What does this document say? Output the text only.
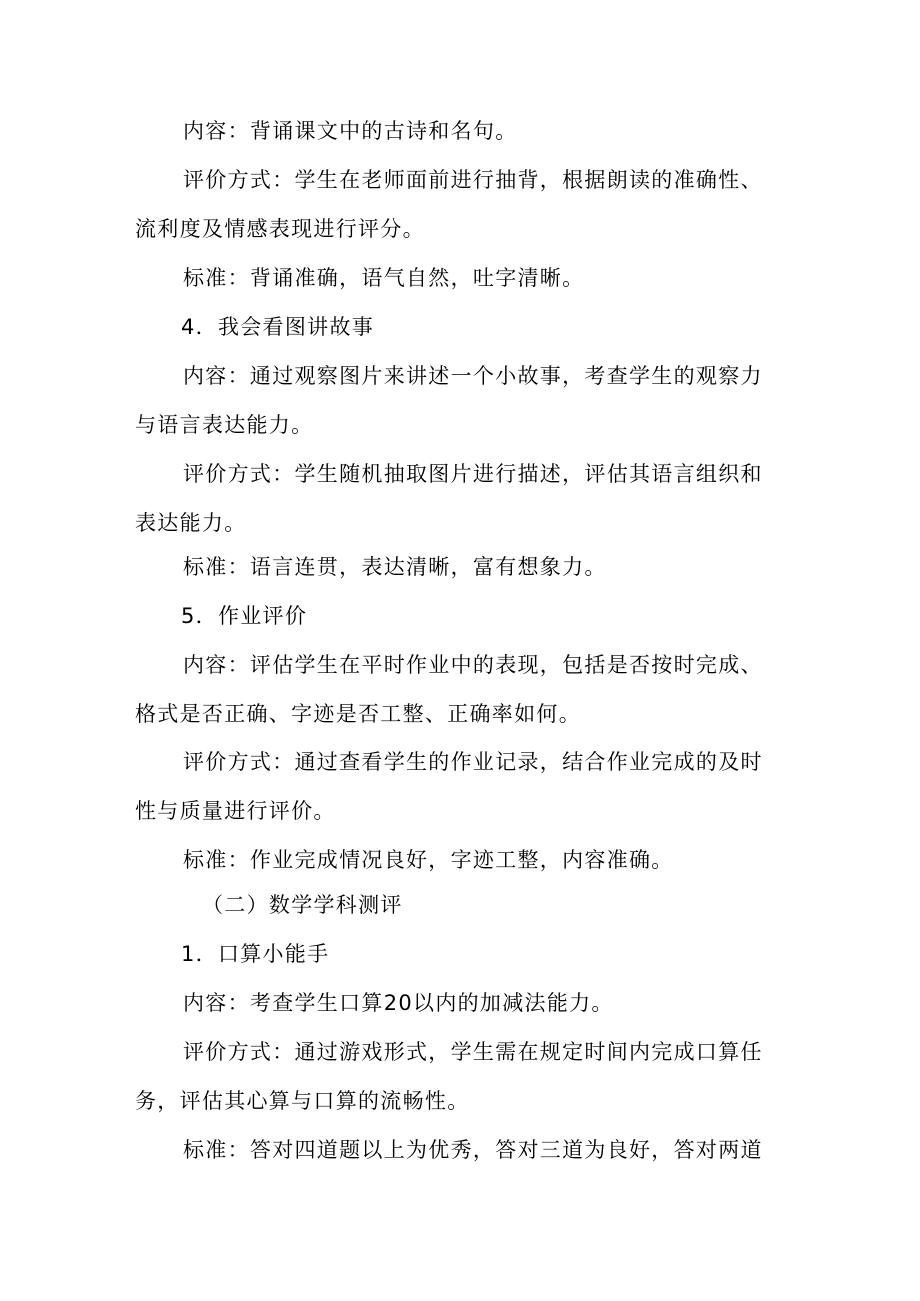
内容：背诵课文中的古诗和名句。
评价方式：学生在老师面前进行抽背，根据朗读的准确性、
流利度及情感表现进行评分。
标准：背诵准确，语气自然，吐字清晰。
4．我会看图讲故事
内容：通过观察图片来讲述一个小故事，考查学生的观察力
与语言表达能力。
评价方式：学生随机抽取图片进行描述，评估其语言组织和
表达能力。
标准：语言连贯，表达清晰，富有想象力。
5．作业评价
内容：评估学生在平时作业中的表现，包括是否按时完成、
格式是否正确、字迹是否工整、正确率如何。
评价方式：通过查看学生的作业记录，结合作业完成的及时
性与质量进行评价。
标准：作业完成情况良好，字迹工整，内容准确。
（二）数学学科测评
1．口算小能手
内容：考查学生口算20以内的加减法能力。
评价方式：通过游戏形式，学生需在规定时间内完成口算任
务，评估其心算与口算的流畅性。
标准：答对四道题以上为优秀，答对三道为良好，答对两道
